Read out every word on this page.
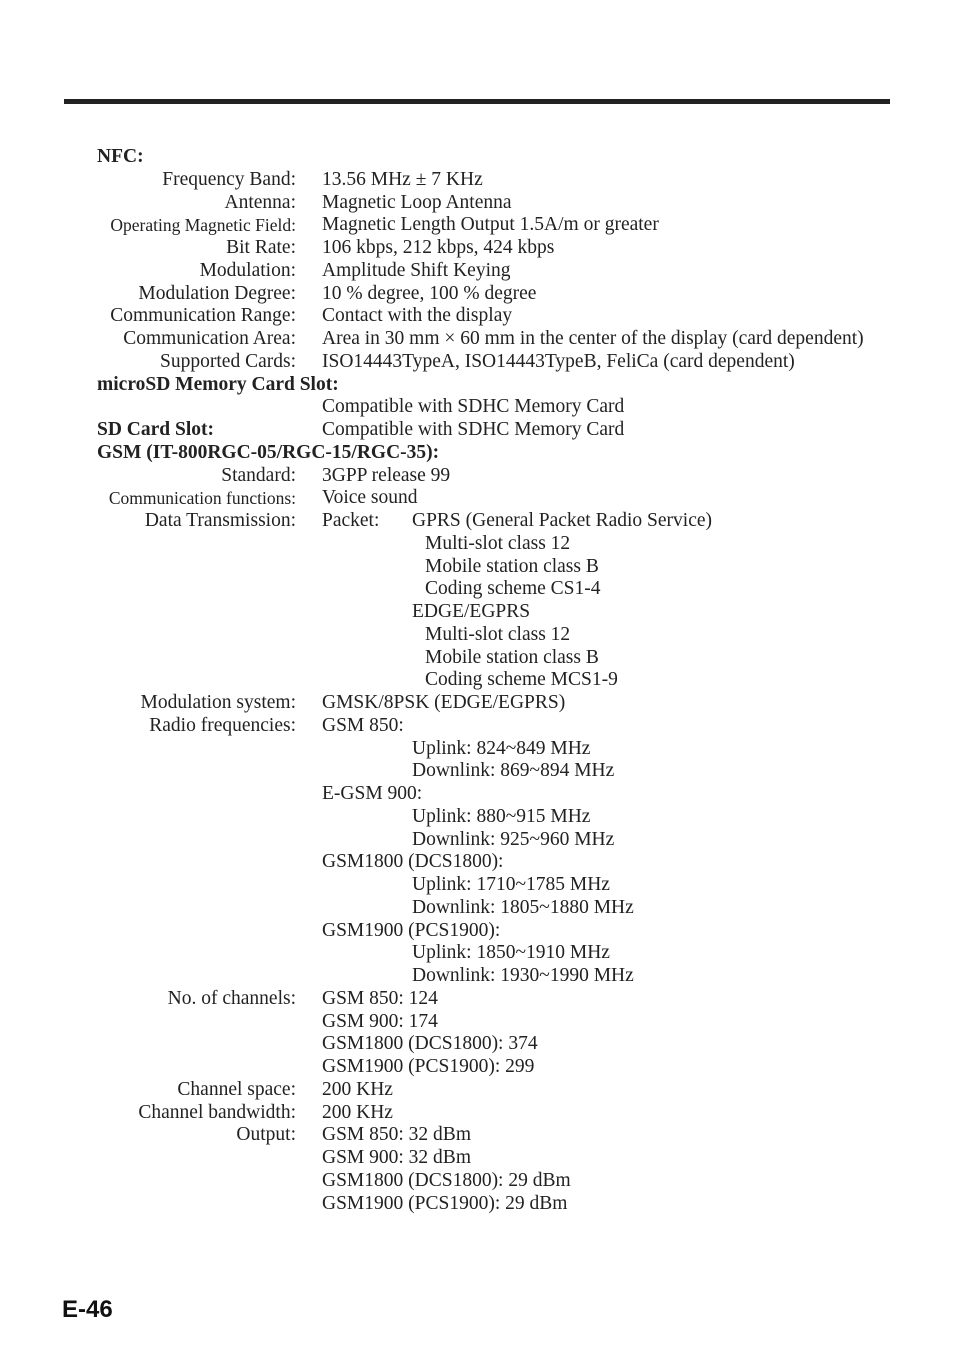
NFC:
Frequency Band: 13.56 MHz ± 7 KHz
Antenna: Magnetic Loop Antenna
Operating Magnetic Field: Magnetic Length Output 1.5A/m or greater
Bit Rate: 106 kbps, 212 kbps, 424 kbps
Modulation: Amplitude Shift Keying
Modulation Degree: 10 % degree, 100 % degree
Communication Range: Contact with the display
Communication Area: Area in 30 mm × 60 mm in the center of the display (card dependent)
Supported Cards: ISO14443TypeA, ISO14443TypeB, FeliCa (card dependent)
microSD Memory Card Slot:
Compatible with SDHC Memory Card
SD Card Slot:	Compatible with SDHC Memory Card
GSM (IT-800RGC-05/RGC-15/RGC-35):
Standard: 3GPP release 99
Communication functions: Voice sound
Data Transmission: Packet: GPRS (General Packet Radio Service)
Multi-slot class 12
Mobile station class B
Coding scheme CS1-4
EDGE/EGPRS
Multi-slot class 12
Mobile station class B
Coding scheme MCS1-9
Modulation system: GMSK/8PSK (EDGE/EGPRS)
Radio frequencies: GSM 850:
Uplink: 824~849 MHz
Downlink: 869~894 MHz
E-GSM 900:
Uplink: 880~915 MHz
Downlink: 925~960 MHz
GSM1800 (DCS1800):
Uplink: 1710~1785 MHz
Downlink: 1805~1880 MHz
GSM1900 (PCS1900):
Uplink: 1850~1910 MHz
Downlink: 1930~1990 MHz
No. of channels: GSM 850: 124
GSM 900: 174
GSM1800 (DCS1800): 374
GSM1900 (PCS1900): 299
Channel space: 200 KHz
Channel bandwidth: 200 KHz
Output: GSM 850: 32 dBm
GSM 900: 32 dBm
GSM1800 (DCS1800): 29 dBm
GSM1900 (PCS1900): 29 dBm
E-46
